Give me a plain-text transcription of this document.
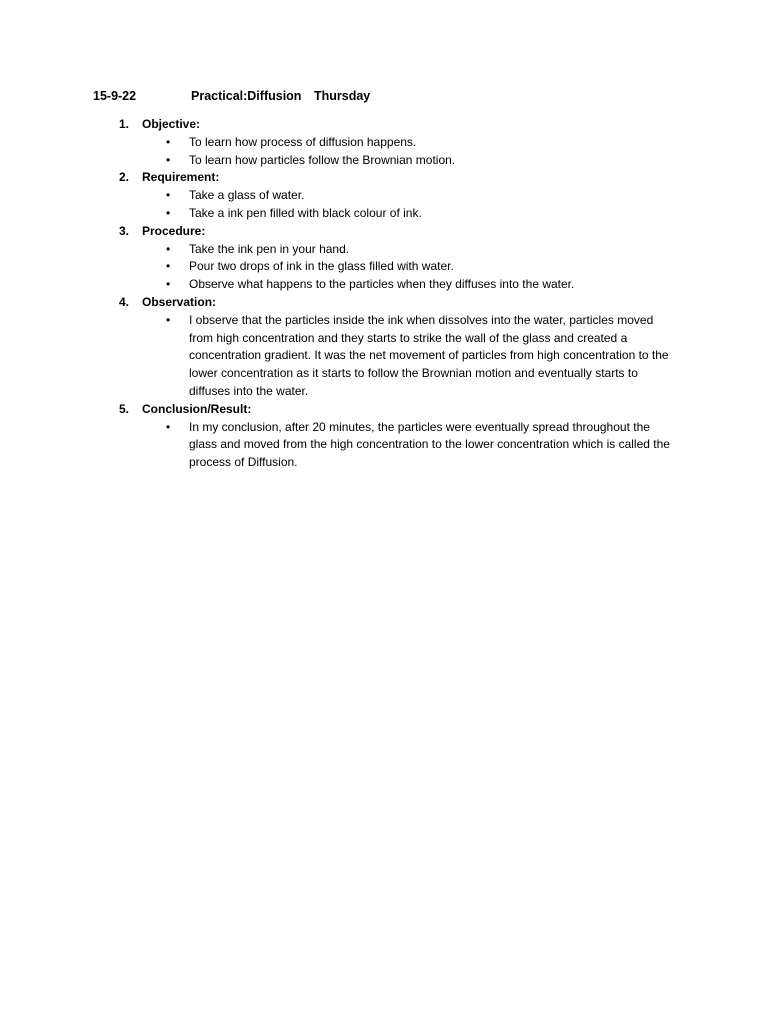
15-9-22	Practical:Diffusion Thursday
1. Objective:
• To learn how process of diffusion happens.
• To learn how particles follow the Brownian motion.
2. Requirement:
• Take a glass of water.
• Take a ink pen filled with black colour of ink.
3. Procedure:
• Take the ink pen in your hand.
• Pour two drops of ink in the glass filled with water.
• Observe what happens to the particles when they diffuses into the water.
4. Observation:
• I observe that the particles inside the ink when dissolves into the water, particles moved from high concentration and they starts to strike the wall of the glass and created a concentration gradient. It was the net movement of particles from high concentration to the lower concentration as it starts to follow the Brownian motion and eventually starts to diffuses into the water.
5. Conclusion/Result:
• In my conclusion, after 20 minutes, the particles were eventually spread throughout the glass and moved from the high concentration to the lower concentration which is called the process of Diffusion.
